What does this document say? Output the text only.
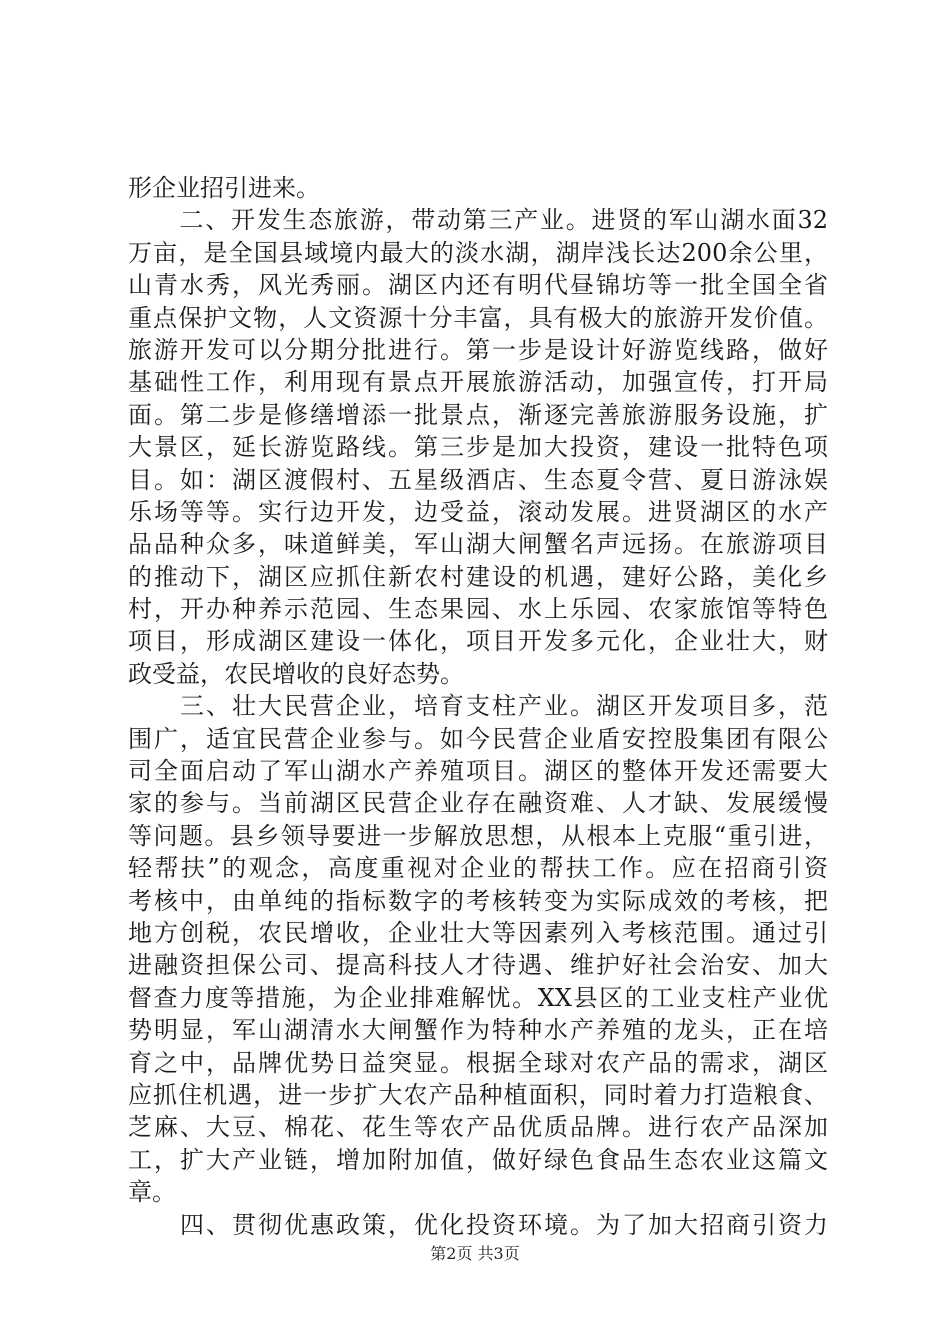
形企业招引进来。
　　二、开发生态旅游，带动第三产业。进贤的军山湖水面32
万亩，是全国县域境内最大的淡水湖，湖岸浅长达200余公里，
山青水秀，风光秀丽。湖区内还有明代昼锦坊等一批全国全省
重点保护文物，人文资源十分丰富，具有极大的旅游开发价值。
旅游开发可以分期分批进行。第一步是设计好游览线路，做好
基础性工作，利用现有景点开展旅游活动，加强宣传，打开局
面。第二步是修缮增添一批景点，渐逐完善旅游服务设施，扩
大景区，延长游览路线。第三步是加大投资，建设一批特色项
目。如：湖区渡假村、五星级酒店、生态夏令营、夏日游泳娱
乐场等等。实行边开发，边受益，滚动发展。进贤湖区的水产
品品种众多，味道鲜美，军山湖大闸蟹名声远扬。在旅游项目
的推动下，湖区应抓住新农村建设的机遇，建好公路，美化乡
村，开办种养示范园、生态果园、水上乐园、农家旅馆等特色
项目，形成湖区建设一体化，项目开发多元化，企业壮大，财
政受益，农民增收的良好态势。
　　三、壮大民营企业，培育支柱产业。湖区开发项目多，范
围广，适宜民营企业参与。如今民营企业盾安控股集团有限公
司全面启动了军山湖水产养殖项目。湖区的整体开发还需要大
家的参与。当前湖区民营企业存在融资难、人才缺、发展缓慢
等问题。县乡领导要进一步解放思想，从根本上克服“重引进，
轻帮扶”的观念，高度重视对企业的帮扶工作。应在招商引资
考核中，由单纯的指标数字的考核转变为实际成效的考核，把
地方创税，农民增收，企业壮大等因素列入考核范围。通过引
进融资担保公司、提高科技人才待遇、维护好社会治安、加大
督查力度等措施，为企业排难解忧。XX县区的工业支柱产业优
势明显，军山湖清水大闸蟹作为特种水产养殖的龙头，正在培
育之中，品牌优势日益突显。根据全球对农产品的需求，湖区
应抓住机遇，进一步扩大农产品种植面积，同时着力打造粮食、
芝麻、大豆、棉花、花生等农产品优质品牌。进行农产品深加
工，扩大产业链，增加附加值，做好绿色食品生态农业这篇文
章。
　　四、贯彻优惠政策，优化投资环境。为了加大招商引资力
第2页 共3页
